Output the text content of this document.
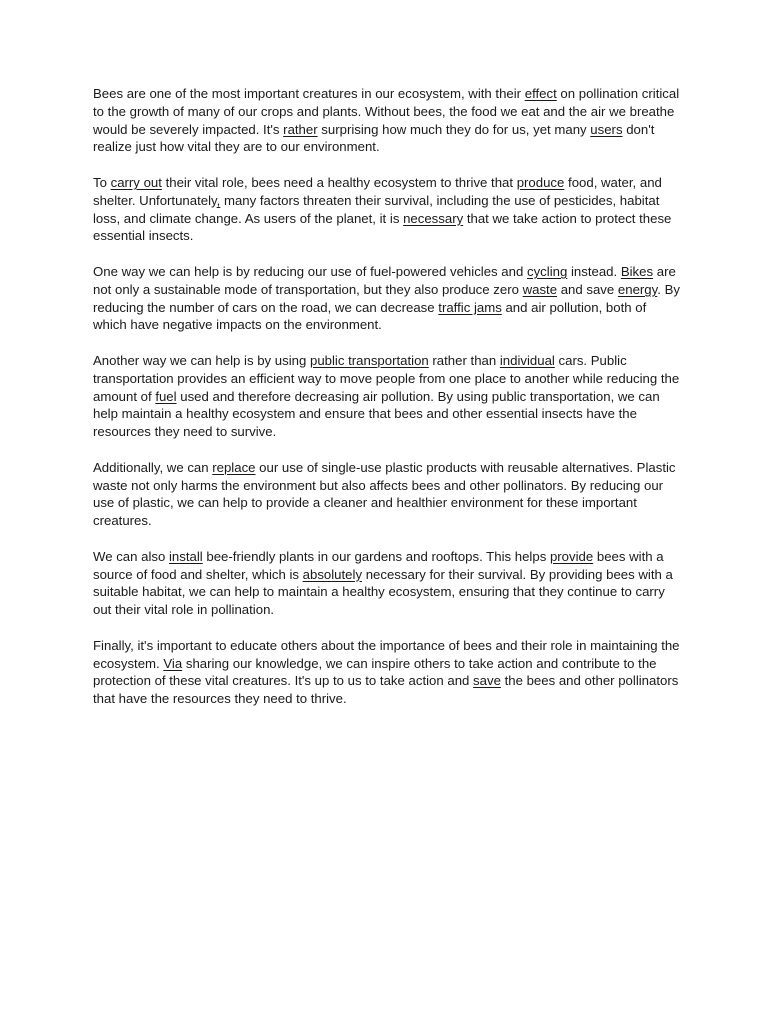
Bees are one of the most important creatures in our ecosystem, with their effect on pollination critical to the growth of many of our crops and plants. Without bees, the food we eat and the air we breathe would be severely impacted. It's rather surprising how much they do for us, yet many users don't realize just how vital they are to our environment.

To carry out their vital role, bees need a healthy ecosystem to thrive that produce food, water, and shelter. Unfortunately, many factors threaten their survival, including the use of pesticides, habitat loss, and climate change. As users of the planet, it is necessary that we take action to protect these essential insects.

One way we can help is by reducing our use of fuel-powered vehicles and cycling instead. Bikes are not only a sustainable mode of transportation, but they also produce zero waste and save energy. By reducing the number of cars on the road, we can decrease traffic jams and air pollution, both of which have negative impacts on the environment.

Another way we can help is by using public transportation rather than individual cars. Public transportation provides an efficient way to move people from one place to another while reducing the amount of fuel used and therefore decreasing air pollution. By using public transportation, we can help maintain a healthy ecosystem and ensure that bees and other essential insects have the resources they need to survive.

Additionally, we can replace our use of single-use plastic products with reusable alternatives. Plastic waste not only harms the environment but also affects bees and other pollinators. By reducing our use of plastic, we can help to provide a cleaner and healthier environment for these important creatures.

We can also install bee-friendly plants in our gardens and rooftops. This helps provide bees with a source of food and shelter, which is absolutely necessary for their survival. By providing bees with a suitable habitat, we can help to maintain a healthy ecosystem, ensuring that they continue to carry out their vital role in pollination.

Finally, it's important to educate others about the importance of bees and their role in maintaining the ecosystem. Via sharing our knowledge, we can inspire others to take action and contribute to the protection of these vital creatures. It's up to us to take action and save the bees and other pollinators that have the resources they need to thrive.
